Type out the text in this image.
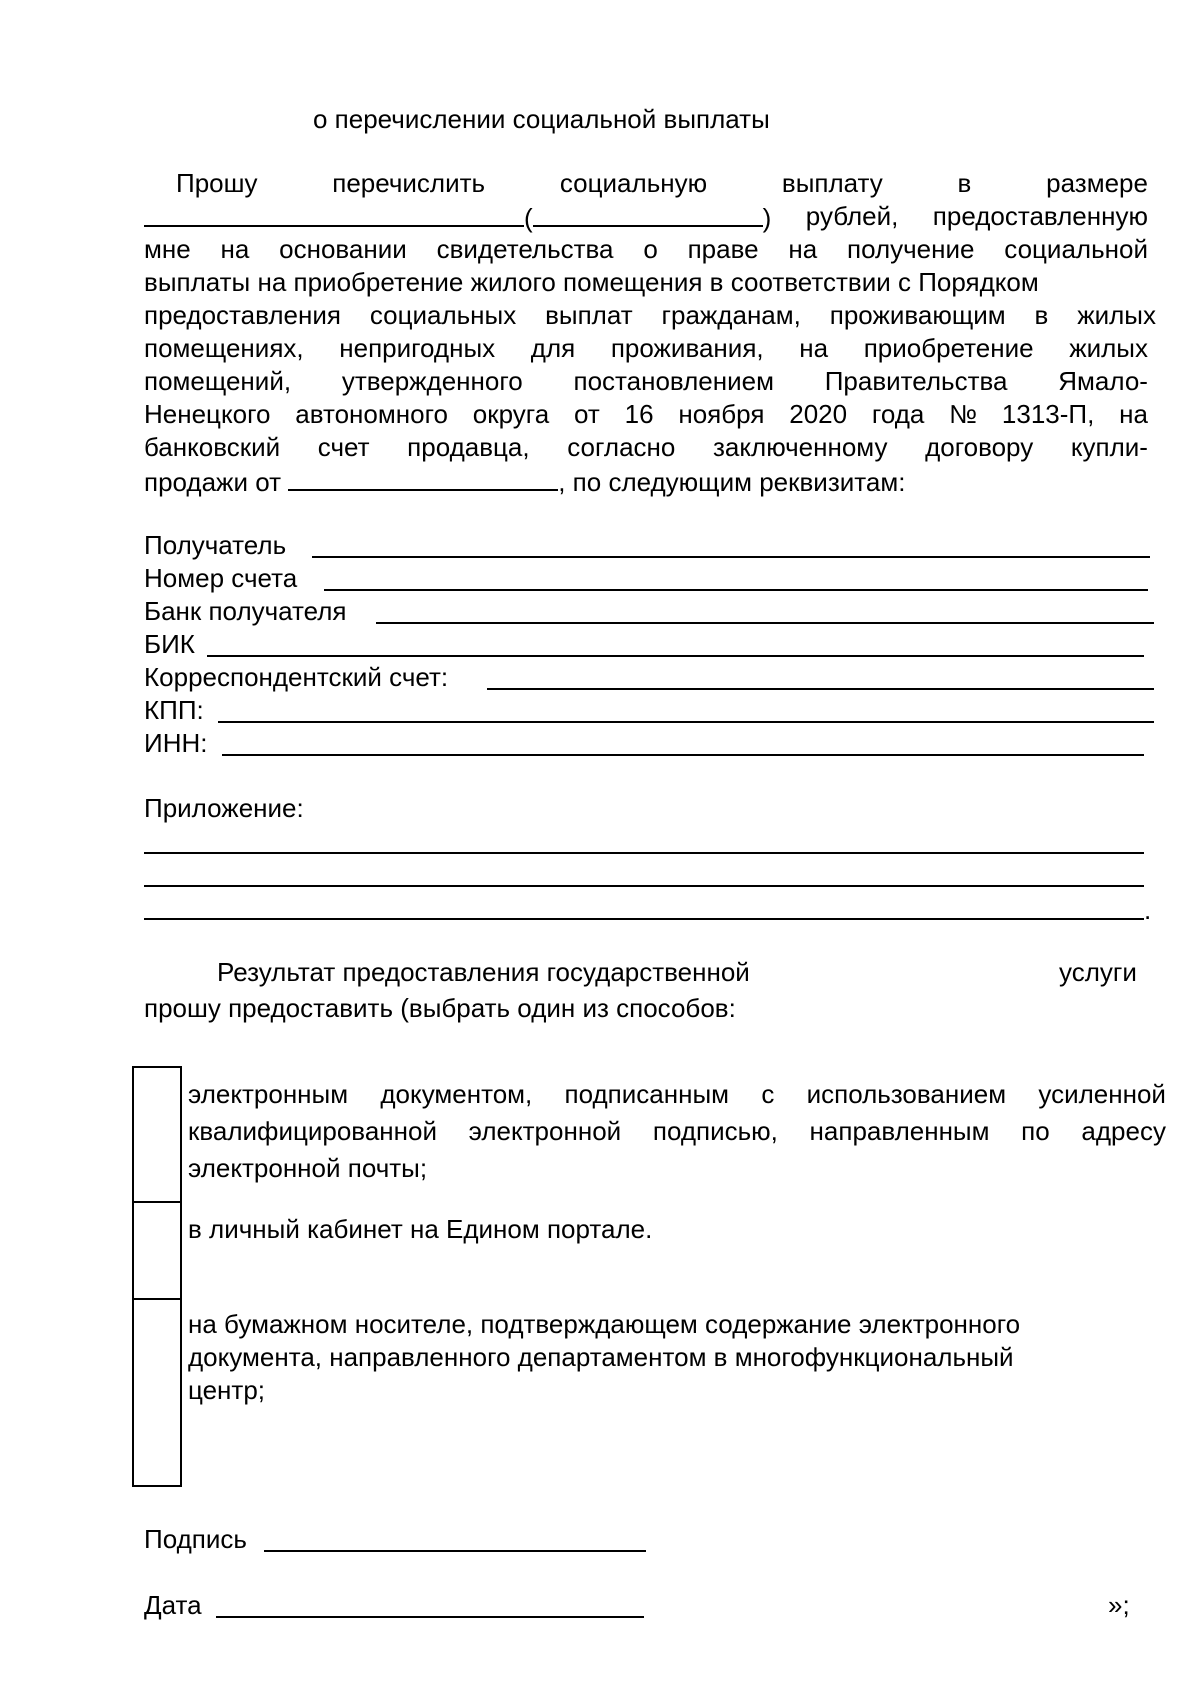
о перечислении социальной выплаты
Прошу	перечислить	социальную	выплату	в	размере
(	) рублей, предоставленную
мне на основании свидетельства о праве на получение социальной
выплаты на приобретение жилого помещения в соответствии с Порядком
предоставления социальных выплат гражданам, проживающим в жилых
помещениях, непригодных для проживания, на приобретение жилых
помещений, утвержденного постановлением Правительства Ямало-
Ненецкого автономного округа от 16 ноября 2020 года № 1313-П, на
банковский счет продавца, согласно заключенному договору купли-
продажи от	, по следующим реквизитам:
Получатель
Номер счета
Банк получателя
БИК
Корреспондентский счет:
КПП:
ИНН:
Приложение:
.
Результат предоставления государственной	услуги
прошу предоставить (выбрать один из способов:
электронным документом, подписанным с использованием усиленной
квалифицированной электронной подписью, направленным по адресу
электронной почты;
в личный кабинет на Едином портале.
на бумажном носителе, подтверждающем содержание электронного
документа, направленного департаментом в многофункциональный
центр;
Подпись
Дата	»;
